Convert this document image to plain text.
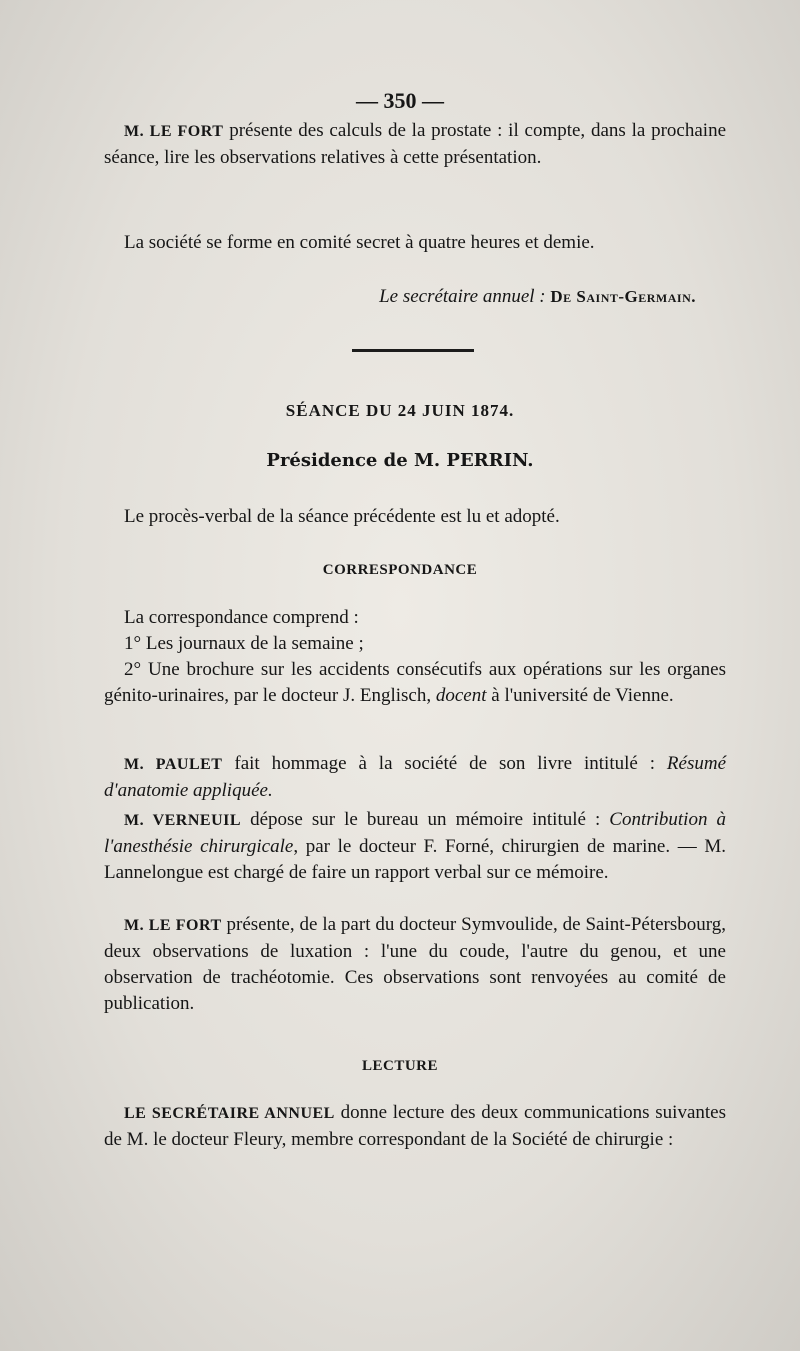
— 350 —

M. LE FORT présente des calculs de la prostate : il compte, dans la prochaine séance, lire les observations relatives à cette présentation.

La société se forme en comité secret à quatre heures et demie.

Le secrétaire annuel : De Saint-Germain.

SÉANCE DU 24 JUIN 1874.
Présidence de M. PERRIN.

Le procès-verbal de la séance précédente est lu et adopté.

CORRESPONDANCE
La correspondance comprend :
1° Les journaux de la semaine ;
2° Une brochure sur les accidents consécutifs aux opérations sur les organes génito-urinaires, par le docteur J. Englisch, docent à l'université de Vienne.

M. PAULET fait hommage à la société de son livre intitulé : Résumé d'anatomie appliquée.

M. VERNEUIL dépose sur le bureau un mémoire intitulé : Contribution à l'anesthésie chirurgicale, par le docteur F. Forné, chirurgien de marine. — M. Lannelongue est chargé de faire un rapport verbal sur ce mémoire.

M. LE FORT présente, de la part du docteur Symvoulide, de Saint-Pétersbourg, deux observations de luxation : l'une du coude, l'autre du genou, et une observation de trachéotomie. Ces observations sont renvoyées au comité de publication.

LECTURE

LE SECRÉTAIRE ANNUEL donne lecture des deux communications suivantes de M. le docteur Fleury, membre correspondant de la Société de chirurgie :
